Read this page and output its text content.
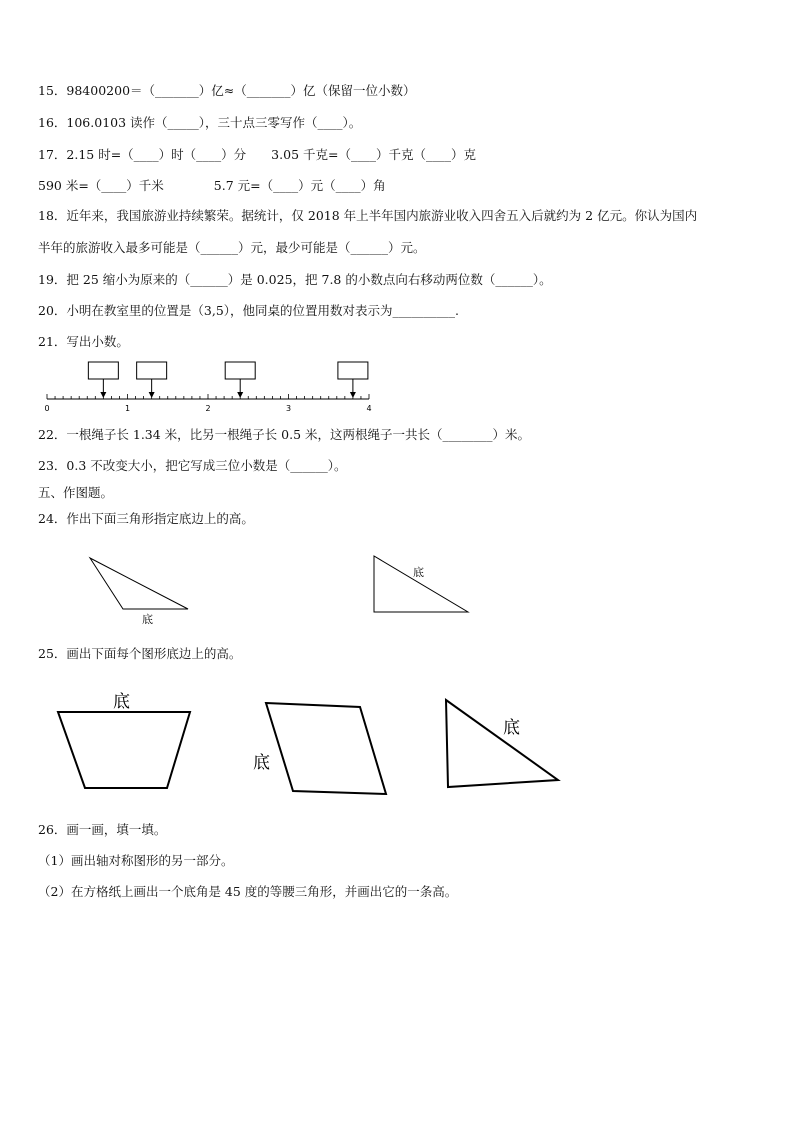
15．98400200＝（_______）亿≈（_______）亿（保留一位小数）
16．106.0103 读作（_____），三十点三零写作（____）。
17．2.15 时=（____）时（____）分　　3.05 千克=（____）千克（____）克
590 米=（____）千米　　　　5.7 元=（____）元（____）角
18．近年来，我国旅游业持续繁荣。据统计，仅 2018 年上半年国内旅游业收入四舍五入后就约为 2 亿元。你认为国内
半年的旅游收入最多可能是（______）元，最少可能是（______）元。
19．把 25 缩小为原来的（______）是 0.025，把 7.8 的小数点向右移动两位数（______）。
20．小明在教室里的位置是（3,5），他同桌的位置用数对表示为__________.
21．写出小数。
0	1	2	3	4
22．一根绳子长 1.34 米，比另一根绳子长 0.5 米，这两根绳子一共长（________）米。
23．0.3 不改变大小，把它写成三位小数是（______）。
五、作图题。
24．作出下面三角形指定底边上的高。
底
底
25．画出下面每个图形底边上的高。
底
底
底
26．画一画，填一填。
（1）画出轴对称图形的另一部分。
（2）在方格纸上画出一个底角是 45 度的等腰三角形，并画出它的一条高。
